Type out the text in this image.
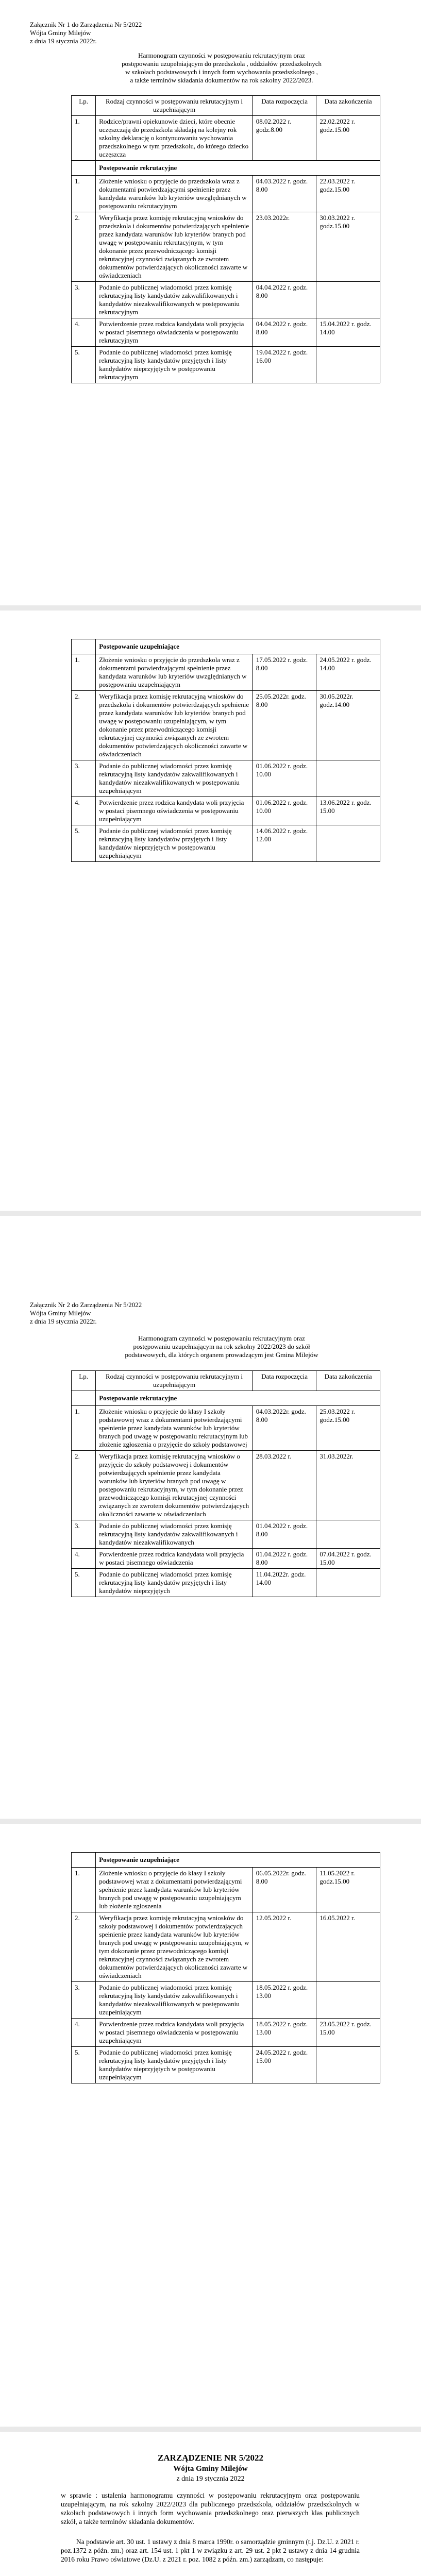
Załącznik Nr 1 do Zarządzenia Nr 5/2022
Wójta Gminy Milejów
z dnia 19 stycznia 2022r.
Harmonogram czynności w postępowaniu rekrutacyjnym oraz
postępowaniu uzupełniającym do przedszkola , oddziałów przedszkolnych
w szkołach podstawowych i innych form wychowania przedszkolnego ,
a także terminów składania dokumentów na rok szkolny 2022/2023.
Lp.	Rodzaj czynności w postępowaniu rekrutacyjnym i uzupełniającym	Data rozpoczęcia	Data zakończenia
1.	Rodzice/prawni opiekunowie dzieci, które obecnie uczęszczają do przedszkola składają na kolejny rok szkolny deklarację o kontynuowaniu wychowania przedszkolnego w tym przedszkolu, do którego dziecko uczęszcza	08.02.2022 r. godz.8.00	22.02.2022 r. godz.15.00
	Postępowanie rekrutacyjne		
1.	Złożenie wniosku o przyjęcie do przedszkola wraz z dokumentami potwierdzającymi spełnienie przez kandydata warunków lub kryteriów uwzględnianych w postępowaniu rekrutacyjnym	04.03.2022 r. godz. 8.00	22.03.2022 r. godz.15.00
2.	Weryfikacja przez komisję rekrutacyjną wniosków do przedszkola i dokumentów potwierdzających spełnienie przez kandydata warunków lub kryteriów branych pod uwagę w postępowaniu rekrutacyjnym, w tym dokonanie przez przewodniczącego komisji rekrutacyjnej czynności związanych ze zwrotem dokumentów potwierdzających okoliczności zawarte w oświadczeniach	23.03.2022r.	30.03.2022 r. godz.15.00
3.	Podanie do publicznej wiadomości przez komisję rekrutacyjną listy kandydatów zakwalifikowanych i kandydatów niezakwalifikowanych w postępowaniu rekrutacyjnym	04.04.2022 r. godz. 8.00	
4.	Potwierdzenie przez rodzica kandydata woli przyjęcia w postaci pisemnego oświadczenia w postępowaniu rekrutacyjnym	04.04.2022 r. godz. 8.00	15.04.2022 r. godz. 14.00
5.	Podanie do publicznej wiadomości przez komisję rekrutacyjną listy kandydatów przyjętych i listy kandydatów nieprzyjętych w postępowaniu rekrutacyjnym	19.04.2022 r. godz. 16.00	
	Postępowanie uzupełniające		
1.	Złożenie wniosku o przyjęcie do przedszkola wraz z dokumentami potwierdzającymi spełnienie przez kandydata warunków lub kryteriów uwzględnianych w postępowaniu uzupełniającym	17.05.2022 r. godz. 8.00	24.05.2022 r. godz. 14.00
2.	Weryfikacja przez komisję rekrutacyjną wniosków do przedszkola i dokumentów potwierdzających spełnienie przez kandydata warunków lub kryteriów branych pod uwagę w postępowaniu uzupełniającym, w tym dokonanie przez przewodniczącego komisji rekrutacyjnej czynności związanych ze zwrotem dokumentów potwierdzających okoliczności zawarte w oświadczeniach	25.05.2022r. godz. 8.00	30.05.2022r. godz.14.00
3.	Podanie do publicznej wiadomości przez komisję rekrutacyjną listy kandydatów zakwalifikowanych i kandydatów niezakwalifikowanych w postępowaniu uzupełniającym	01.06.2022 r. godz. 10.00	
4.	Potwierdzenie przez rodzica kandydata woli przyjęcia w postaci pisemnego oświadczenia w postępowaniu uzupełniającym	01.06.2022 r. godz. 10.00	13.06.2022 r. godz. 15.00
5.	Podanie do publicznej wiadomości przez komisję rekrutacyjną listy kandydatów przyjętych i listy kandydatów nieprzyjętych w postępowaniu uzupełniającym	14.06.2022 r. godz. 12.00	
Załącznik Nr 2 do Zarządzenia Nr 5/2022
Wójta Gminy Milejów
z dnia 19 stycznia 2022r.
Harmonogram czynności w postępowaniu rekrutacyjnym oraz
postępowaniu uzupełniającym na rok szkolny 2022/2023 do szkół
podstawowych, dla których organem prowadzącym jest Gmina Milejów
Lp.	Rodzaj czynności w postępowaniu rekrutacyjnym i uzupełniającym	Data rozpoczęcia	Data zakończenia
	Postępowanie rekrutacyjne		
1.	Złożenie wniosku o przyjęcie do klasy I szkoły podstawowej wraz z dokumentami potwierdzającymi spełnienie przez kandydata warunków lub kryteriów branych pod uwagę w postępowaniu rekrutacyjnym lub złożenie zgłoszenia o przyjęcie do szkoły podstawowej	04.03.2022r. godz. 8.00	25.03.2022 r. godz.15.00
2.	Weryfikacja przez komisję rekrutacyjną wniosków o przyjęcie do szkoły podstawowej i dokumentów potwierdzających spełnienie przez kandydata warunków lub kryteriów branych pod uwagę w postępowaniu rekrutacyjnym, w tym dokonanie przez przewodniczącego komisji rekrutacyjnej czynności związanych ze zwrotem dokumentów potwierdzających okoliczności zawarte w oświadczeniach	28.03.2022 r.	31.03.2022r.
3.	Podanie do publicznej wiadomości przez komisję rekrutacyjną listy kandydatów zakwalifikowanych i kandydatów niezakwalifikowanych	01.04.2022 r. godz. 8.00	
4.	Potwierdzenie przez rodzica kandydata woli przyjęcia w postaci pisemnego oświadczenia	01.04.2022 r. godz. 8.00	07.04.2022 r. godz. 15.00
5.	Podanie do publicznej wiadomości przez komisję rekrutacyjną listy kandydatów przyjętych i listy kandydatów nieprzyjętych	11.04.2022r. godz. 14.00	
	Postępowanie uzupełniające		
1.	Złożenie wniosku o przyjęcie do klasy I szkoły podstawowej wraz z dokumentami potwierdzającymi spełnienie przez kandydata warunków lub kryteriów branych pod uwagę w postępowaniu uzupełniającym lub złożenie zgłoszenia	06.05.2022r. godz. 8.00	11.05.2022 r. godz.15.00
2.	Weryfikacja przez komisję rekrutacyjną wniosków do szkoły podstawowej i dokumentów potwierdzających spełnienie przez kandydata warunków lub kryteriów branych pod uwagę w postępowaniu uzupełniającym, w tym dokonanie przez przewodniczącego komisji rekrutacyjnej czynności związanych ze zwrotem dokumentów potwierdzających okoliczności zawarte w oświadczeniach	12.05.2022 r.	16.05.2022 r.
3.	Podanie do publicznej wiadomości przez komisję rekrutacyjną listy kandydatów zakwalifikowanych i kandydatów niezakwalifikowanych w postępowaniu uzupełniającym	18.05.2022 r. godz. 13.00	
4.	Potwierdzenie przez rodzica kandydata woli przyjęcia w postaci pisemnego oświadczenia w postępowaniu uzupełniającym	18.05.2022 r. godz. 13.00	23.05.2022 r. godz. 15.00
5.	Podanie do publicznej wiadomości przez komisję rekrutacyjną listy kandydatów przyjętych i listy kandydatów nieprzyjętych w postępowaniu uzupełniającym	24.05.2022 r. godz. 15.00	
ZARZĄDZENIE NR 5/2022
Wójta Gminy Milejów
z dnia 19 stycznia 2022
w sprawie : ustalenia harmonogramu czynności w postępowaniu rekrutacyjnym oraz postępowaniu uzupełniającym, na rok szkolny 2022/2023 dla publicznego przedszkola, oddziałów przedszkolnych w szkołach podstawowych i innych form wychowania przedszkolnego oraz pierwszych klas publicznych szkół, a także terminów składania dokumentów.
Na podstawie art. 30 ust. 1 ustawy z dnia 8 marca 1990r. o samorządzie gminnym (t.j. Dz.U. z 2021 r. poz.1372 z późn. zm.) oraz art. 154 ust. 1 pkt 1 w związku z art. 29 ust. 2 pkt 2 ustawy z dnia 14 grudnia 2016 roku Prawo oświatowe (Dz.U. z 2021 r. poz. 1082 z późn. zm.) zarządzam, co następuje:
